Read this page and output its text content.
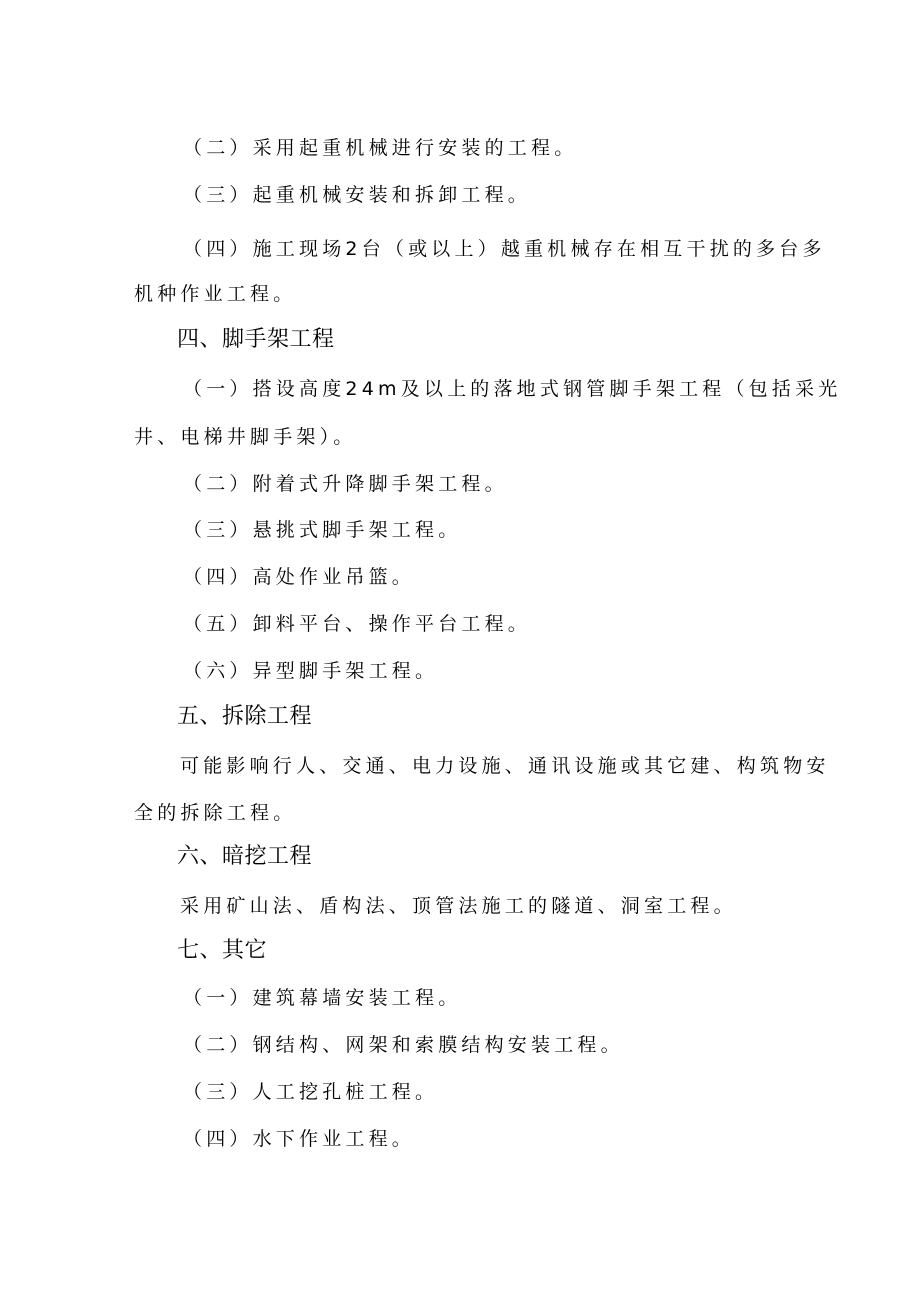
（二）采用起重机械进行安装的工程。
（三）起重机械安装和拆卸工程。
（四）施工现场2台（或以上）越重机械存在相互干扰的多台多
机种作业工程。
四、脚手架工程
（一）搭设高度24m及以上的落地式钢管脚手架工程（包括采光
井、电梯井脚手架）。
（二）附着式升降脚手架工程。
（三）悬挑式脚手架工程。
（四）高处作业吊篮。
（五）卸料平台、操作平台工程。
（六）异型脚手架工程。
五、拆除工程
可能影响行人、交通、电力设施、通讯设施或其它建、构筑物安
全的拆除工程。
六、暗挖工程
采用矿山法、盾构法、顶管法施工的隧道、洞室工程。
七、其它
（一）建筑幕墙安装工程。
（二）钢结构、网架和索膜结构安装工程。
（三）人工挖孔桩工程。
（四）水下作业工程。
